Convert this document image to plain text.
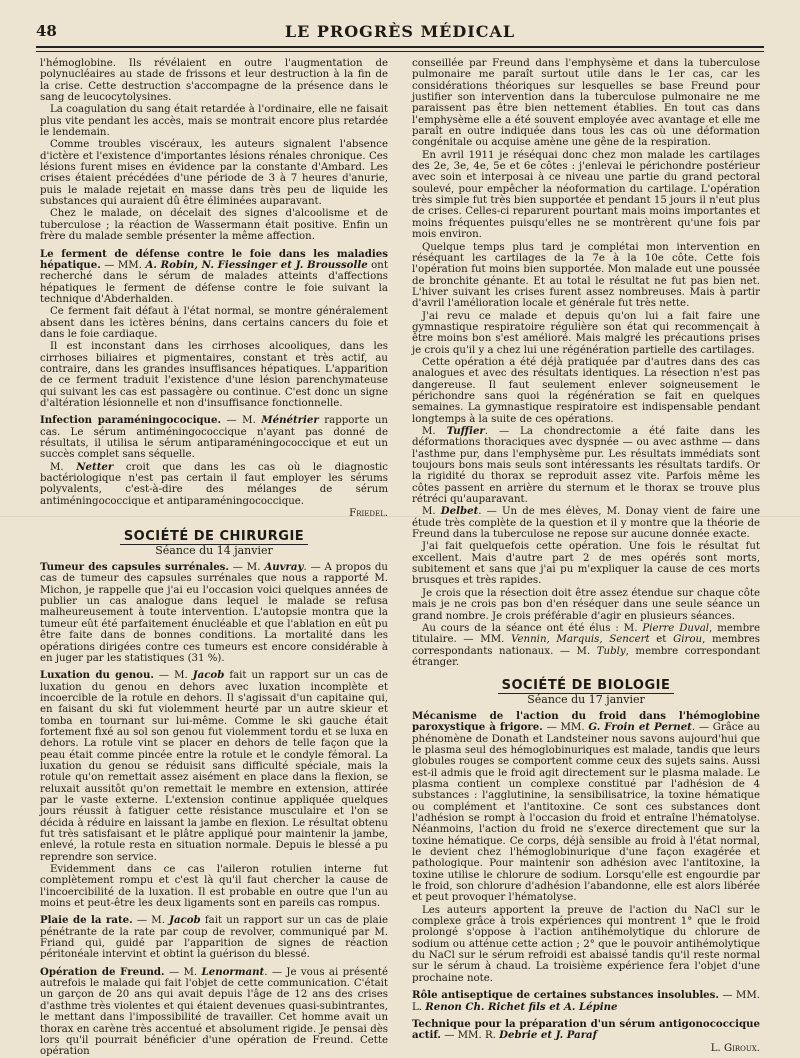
48	LE PROGRÈS MÉDICAL

l'hémoglobine. Ils révélaient en outre l'augmentation de polynucléaires au stade de frissons et leur destruction à la fin de la crise. Cette destruction s'accompagne de la présence dans le sang de leucocytolysines.

La coagulation du sang était retardée à l'ordinaire, elle ne faisait plus vite pendant les accès, mais se montrait encore plus retardée le lendemain.

Comme troubles viscéraux, les auteurs signalent l'absence d'ictère et l'existence d'importantes lésions rénales chronique. Ces lésions furent mises en évidence par la constante d'Ambard. Les crises étaient précédées d'une période de 3 à 7 heures d'anurie, puis le malade rejetait en masse dans très peu de liquide les substances qui auraient dû être éliminées auparavant.

Chez le malade, on décelait des signes d'alcoolisme et de tuberculose ; la réaction de Wassermann était positive. Enfin un frère du malade semble présenter la même affection.

Le ferment de défense contre le foie dans les maladies hépatique. — MM. A. Robin, N. Fiessinger et J. Broussolle ont recherché dans le sérum de malades atteints d'affections hépatiques le ferment de défense contre le foie suivant la technique d'Abderhalden.

Ce ferment fait défaut à l'état normal, se montre généralement absent dans les ictères bénins, dans certains cancers du foie et dans le foie cardiaque.

Il est inconstant dans les cirrhoses alcooliques, dans les cirrhoses biliaires et pigmentaires, constant et très actif, au contraire, dans les grandes insuffisances hépatiques. L'apparition de ce ferment traduit l'existence d'une lésion parenchymateuse qui suivant les cas est passagère ou continue. C'est donc un signe d'altération lésionnelle et non d'insuffisance fonctionnelle.

Infection paraméningococique. — M. Ménétrier rapporte un cas. Le sérum antiméningococcique n'ayant pas donné de résultats, il utilisa le sérum antiparaméningococcique et eut un succès complet sans séquelle.

M. Netter croit que dans les cas où le diagnostic bactériologique n'est pas certain il faut employer les sérums polyvalents, c'est-à-dire des mélanges de sérum antiméningococcique et antiparaméningococcique.

Friedel.

SOCIÉTÉ DE CHIRURGIE
Séance du 14 janvier

Tumeur des capsules surrénales. — M. Auvray. — A propos du cas de tumeur des capsules surrénales que nous a rapporté M. Michon, je rappelle que j'ai eu l'occasion voici quelques années de publier un cas analogue dans lequel le malade se refusa malheureusement à toute intervention. L'autopsie montra que la tumeur eût été parfaitement énucléable et que l'ablation en eût pu être faite dans de bonnes conditions. La mortalité dans les opérations dirigées contre ces tumeurs est encore considérable à en juger par les statistiques (31 %).

Luxation du genou. — M. Jacob fait un rapport sur un cas de luxation du genou en dehors avec luxation incomplète et incoercible de la rotule en dehors. Il s'agissait d'un capitaine qui, en faisant du ski fut violemment heurté par un autre skieur et tomba en tournant sur lui-même. Comme le ski gauche était fortement fixé au sol son genou fut violemment tordu et se luxa en dehors. La rotule vint se placer en dehors de telle façon que la peau était comme pincée entre la rotule et le condyle fémoral. La luxation du genou se réduisit sans difficulté spéciale, mais la rotule qu'on remettait assez aisément en place dans la flexion, se reluxait aussitôt qu'on remettait le membre en extension, attirée par le vaste externe. L'extension continue appliquée quelques jours réussit à fatiguer cette résistance musculaire et l'on se décida à réduire en laissant la jambe en flexion. Le résultat obtenu fut très satisfaisant et le plâtre appliqué pour maintenir la jambe, enlevé, la rotule resta en situation normale. Depuis le blessé a pu reprendre son service.

Evidemment dans ce cas l'aileron rotulien interne fut complètement rompu et c'est là qu'il faut chercher la cause de l'incoercibilité de la luxation. Il est probable en outre que l'un au moins et peut-être les deux ligaments sont en pareils cas rompus.

Plaie de la rate. — M. Jacob fait un rapport sur un cas de plaie pénétrante de la rate par coup de revolver, communiqué par M. Friand qui, guidé par l'apparition de signes de réaction péritonéale intervint et obtint la guérison du blessé.

Opération de Freund. — M. Lenormant. — Je vous ai présenté autrefois le malade qui fait l'objet de cette communication. C'était un garçon de 20 ans qui avait depuis l'âge de 12 ans des crises d'asthme très violentes et qui étaient devenues quasi-subintrantes, le mettant dans l'impossibilité de travailler. Cet homme avait un thorax en carène très accentué et absolument rigide. Je pensai dès lors qu'il pourrait bénéficier d'une opération de Freund. Cette opération

conseillée par Freund dans l'emphysème et dans la tuberculose pulmonaire me paraît surtout utile dans le 1er cas, car les considérations théoriques sur lesquelles se base Freund pour justifier son intervention dans la tuberculose pulmonaire ne me paraissent pas être bien nettement établies. En tout cas dans l'emphysème elle a été souvent employée avec avantage et elle me paraît en outre indiquée dans tous les cas où une déformation congénitale ou acquise amène une gêne de la respiration.

En avril 1911 je réséquai donc chez mon malade les cartilages des 2e, 3e, 4e, 5e et 6e côtes : j'enlevai le périchondre postérieur avec soin et interposai à ce niveau une partie du grand pectoral soulevé, pour empêcher la néoformation du cartilage. L'opération très simple fut très bien supportée et pendant 15 jours il n'eut plus de crises. Celles-ci reparurent pourtant mais moins importantes et moins fréquentes puisqu'elles ne se montrèrent qu'une fois par mois environ.

Quelque temps plus tard je complétai mon intervention en réséquant les cartilages de la 7e à la 10e côte. Cette fois l'opération fut moins bien supportée. Mon malade eut une poussée de bronchite génante. Et au total le résultat ne fut pas bien net. L'hiver suivant les crises furent assez nombreuses. Mais à partir d'avril l'amélioration locale et générale fut très nette.

J'ai revu ce malade et depuis qu'on lui a fait faire une gymnastique respiratoire régulière son état qui recommençait à être moins bon s'est amélioré. Mais malgré les précautions prises je crois qu'il y a chez lui une régénération partielle des cartilages.

Cette opération a été déjà pratiquée par d'autres dans des cas analogues et avec des résultats identiques. La résection n'est pas dangereuse. Il faut seulement enlever soigneusement le périchondre sans quoi la régénération se fait en quelques semaines. La gymnastique respiratoire est indispensable pendant longtemps à la suite de ces opérations.

M. Tuffier. — La chondrectomie a été faite dans les déformations thoraciques avec dyspnée — ou avec asthme — dans l'asthme pur, dans l'emphysème pur. Les résultats immédiats sont toujours bons mais seuls sont intéressants les résultats tardifs. Or la rigidité du thorax se reproduit assez vite. Parfois même les côtes passent en arrière du sternum et le thorax se trouve plus rétréci qu'auparavant.

M. Delbet. — Un de mes élèves, M. Donay vient de faire une étude très complète de la question et il y montre que la théorie de Freund dans la tuberculose ne repose sur aucune donnée exacte.

J'ai fait quelquefois cette opération. Une fois le résultat fut excellent. Mais d'autre part 2 de mes opérés sont morts, subitement et sans que j'ai pu m'expliquer la cause de ces morts brusques et très rapides.

Je crois que la résection doit être assez étendue sur chaque côte mais je ne crois pas bon d'en réséquer dans une seule séance un grand nombre. Je crois préférable d'agir en plusieurs séances.

Au cours de la séance ont été élus : M. Pierre Duval, membre titulaire. — MM. Vennin, Marquis, Sencert et Girou, membres correspondants nationaux. — M. Tubly, membre correspondant étranger.

SOCIÉTÉ DE BIOLOGIE
Séance du 17 janvier

Mécanisme de l'action du froid dans l'hémoglobine paroxystique à frigore. — MM. G. Froin et Pernet. — Grâce au phénomène de Donath et Landsteiner nous savons aujourd'hui que le plasma seul des hémoglobinuriques est malade, tandis que leurs globules rouges se comportent comme ceux des sujets sains. Aussi est-il admis que le froid agit directement sur le plasma malade. Le plasma contient un complexe constitué par l'adhésion de 4 substances : l'agglutinine, la sensibilisatrice, la toxine hématique ou complément et l'antitoxine. Ce sont ces substances dont l'adhésion se rompt à l'occasion du froid et entraîne l'hématolyse. Néanmoins, l'action du froid ne s'exerce directement que sur la toxine hématique. Ce corps, déjà sensible au froid à l'état normal, le devient chez l'hémoglobinurique d'une façon exagérée et pathologique. Pour maintenir son adhésion avec l'antitoxine, la toxine utilise le chlorure de sodium. Lorsqu'elle est engourdie par le froid, son chlorure d'adhésion l'abandonne, elle est alors libérée et peut provoquer l'hématolyse.

Les auteurs apportent la preuve de l'action du NaCl sur le complexe grâce à trois expériences qui montrent 1° que le froid prolongé s'oppose à l'action antihémolytique du chlorure de sodium ou atténue cette action ; 2° que le pouvoir antihémolytique du NaCl sur le sérum refroidi est abaissé tandis qu'il reste normal sur le sérum à chaud. La troisième expérience fera l'objet d'une prochaine note.

Rôle antiseptique de certaines substances insolubles. — MM. L. Renon Ch. Richet fils et A. Lépine

Technique pour la préparation d'un sérum antigonococcique actif. — MM. R. Debrie et J. Paraf

L. Giroux.
